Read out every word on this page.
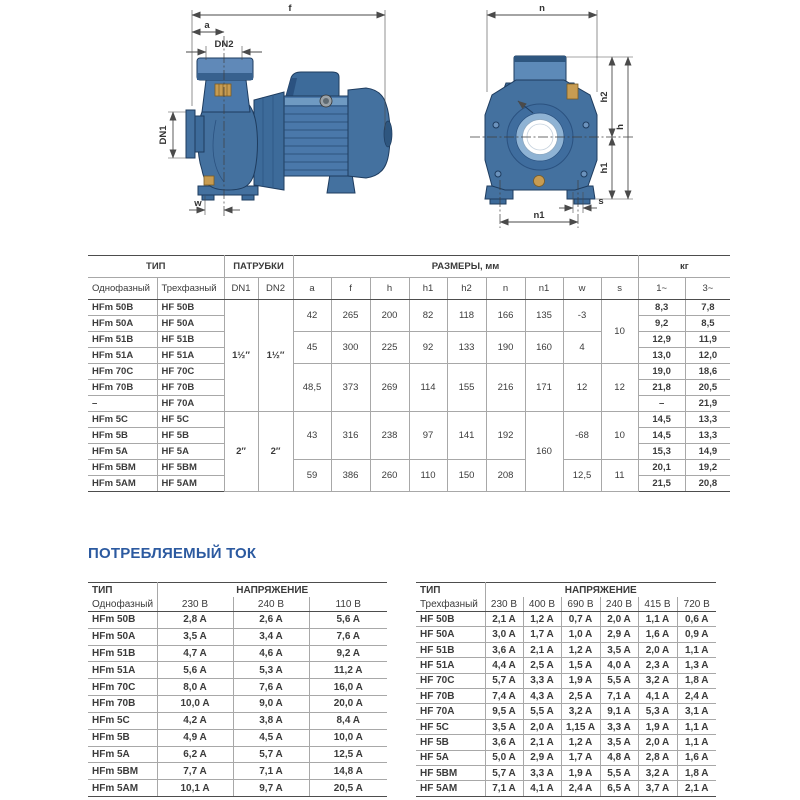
f
a
DN2
DN1
w
n
h2
h1
h
n1
s
ТИП		ПАТРУБКИ		РАЗМЕРЫ, мм									кг	
Однофазный	Трехфазный	DN1	DN2	a	f	h	h1	h2	n	n1	w	s	1~	3~
HFm 50B	HF 50B	1½″	1½″	42	265	200	82	118	166	135	-3	10	8,3	7,8
HFm 50A	HF 50A												9,2	8,5
HFm 51B	HF 51B			45	300	225	92	133	190	160	4		12,9	11,9
HFm 51A	HF 51A												13,0	12,0
HFm 70C	HF 70C			48,5	373	269	114	155	216	171	12	12	19,0	18,6
HFm 70B	HF 70B												21,8	20,5
–	HF 70A												–	21,9
HFm 5C	HF 5C	2″	2″	43	316	238	97	141	192	160	-68	10	14,5	13,3
HFm 5B	HF 5B												14,5	13,3
HFm 5A	HF 5A												15,3	14,9
HFm 5BM	HF 5BM			59	386	260	110	150	208		12,5	11	20,1	19,2
HFm 5AM	HF 5AM												21,5	20,8
ПОТРЕБЛЯЕМЫЙ ТОК
ТИП	НАПРЯЖЕНИЕ		
Однофазный	230 В	240 В	110 В
HFm 50B	2,8 A	2,6 A	5,6 A
HFm 50A	3,5 A	3,4 A	7,6 A
HFm 51B	4,7 A	4,6 A	9,2 A
HFm 51A	5,6 A	5,3 A	11,2 A
HFm 70C	8,0 A	7,6 A	16,0 A
HFm 70B	10,0 A	9,0 A	20,0 A
HFm 5C	4,2 A	3,8 A	8,4 A
HFm 5B	4,9 A	4,5 A	10,0 A
HFm 5A	6,2 A	5,7 A	12,5 A
HFm 5BM	7,7 A	7,1 A	14,8 A
HFm 5AM	10,1 A	9,7 A	20,5 A
ТИП	НАПРЯЖЕНИЕ					
Трехфазный	230 В	400 В	690 В	240 В	415 В	720 В
HF 50B	2,1 A	1,2 A	0,7 A	2,0 A	1,1 A	0,6 A
HF 50A	3,0 A	1,7 A	1,0 A	2,9 A	1,6 A	0,9 A
HF 51B	3,6 A	2,1 A	1,2 A	3,5 A	2,0 A	1,1 A
HF 51A	4,4 A	2,5 A	1,5 A	4,0 A	2,3 A	1,3 A
HF 70C	5,7 A	3,3 A	1,9 A	5,5 A	3,2 A	1,8 A
HF 70B	7,4 A	4,3 A	2,5 A	7,1 A	4,1 A	2,4 A
HF 70A	9,5 A	5,5 A	3,2 A	9,1 A	5,3 A	3,1 A
HF 5C	3,5 A	2,0 A	1,15 A	3,3 A	1,9 A	1,1 A
HF 5B	3,6 A	2,1 A	1,2 A	3,5 A	2,0 A	1,1 A
HF 5A	5,0 A	2,9 A	1,7 A	4,8 A	2,8 A	1,6 A
HF 5BM	5,7 A	3,3 A	1,9 A	5,5 A	3,2 A	1,8 A
HF 5AM	7,1 A	4,1 A	2,4 A	6,5 A	3,7 A	2,1 A
